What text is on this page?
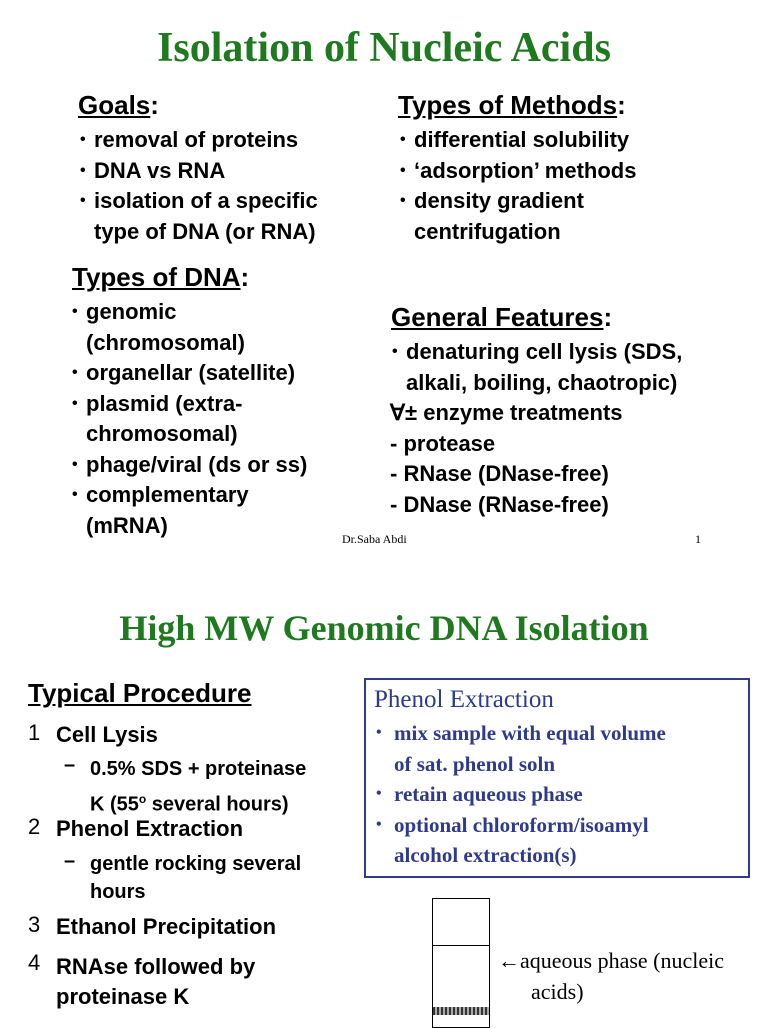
Isolation of Nucleic Acids
Goals:
• removal of proteins
• DNA vs RNA
• isolation of a specific
type of DNA (or RNA)
Types of Methods:
• differential solubility
• ‘adsorption’ methods
• density gradient
centrifugation
Types of DNA:
• genomic
(chromosomal)
• organellar (satellite)
• plasmid (extra-
chromosomal)
• phage/viral (ds or ss)
• complementary
(mRNA)
General Features:
• denaturing cell lysis (SDS,
alkali, boiling, chaotropic)
∀± enzyme treatments
- protease
- RNase (DNase-free)
- DNase (RNase-free)
Dr.Saba Abdi	1
High MW Genomic DNA Isolation
Typical Procedure
1 Cell Lysis
– 0.5% SDS + proteinase
K (55$^o$ several hours)
2 Phenol Extraction
– gentle rocking several
hours
3 Ethanol Precipitation
4 RNAse followed by
proteinase K
Phenol Extraction
• mix sample with equal volume
of sat. phenol soln
• retain aqueous phase
• optional chloroform/isoamyl
alcohol extraction(s)
←aqueous phase (nucleic
acids)
